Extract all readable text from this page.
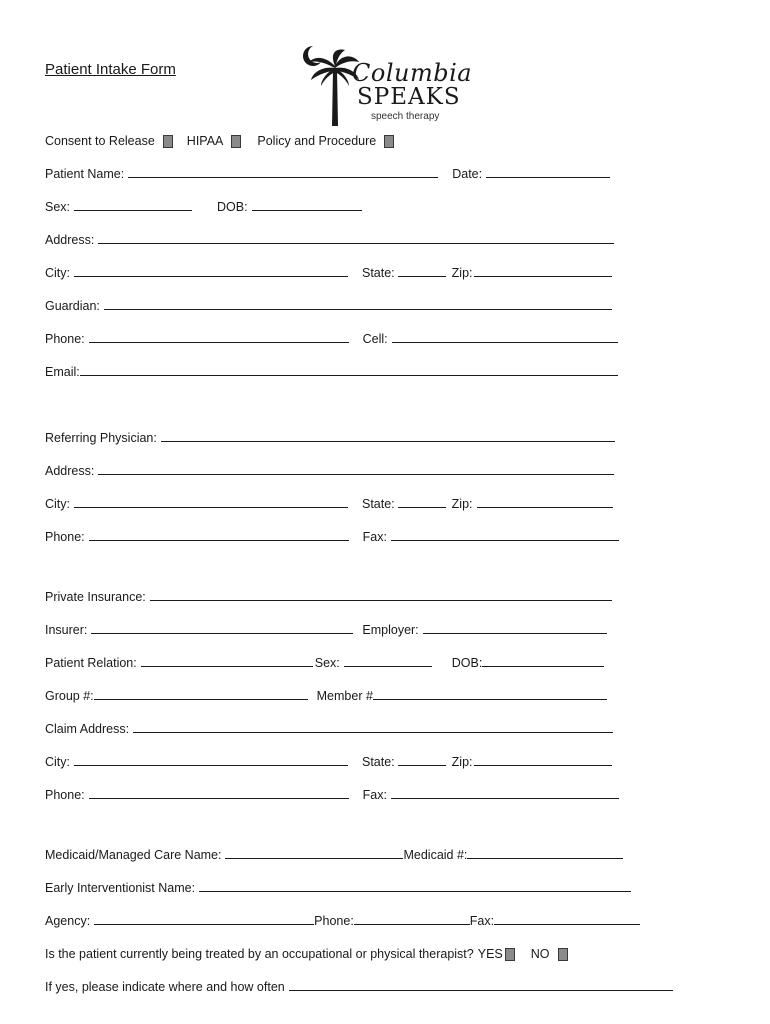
Patient Intake Form	Columbia
SPEAKS
speech therapy
Consent to Release	HIPAA	Policy and Procedure
Patient Name:	Date:
Sex:	DOB:
Address:
City:	State:	Zip:
Guardian:
Phone:	Cell:
Email:
Referring Physician:
Address:
City:	State:	Zip:
Phone:	Fax:
Private Insurance:
Insurer:	Employer:
Patient Relation:	Sex:	DOB:
Group #:	Member #
Claim Address:
City:	State:	Zip:
Phone:	Fax:
Medicaid/Managed Care Name:	Medicaid #:
Early Interventionist Name:
Agency:	Phone:	Fax:
Is the patient currently being treated by an occupational or physical therapist? YES NO
If yes, please indicate where and how often
